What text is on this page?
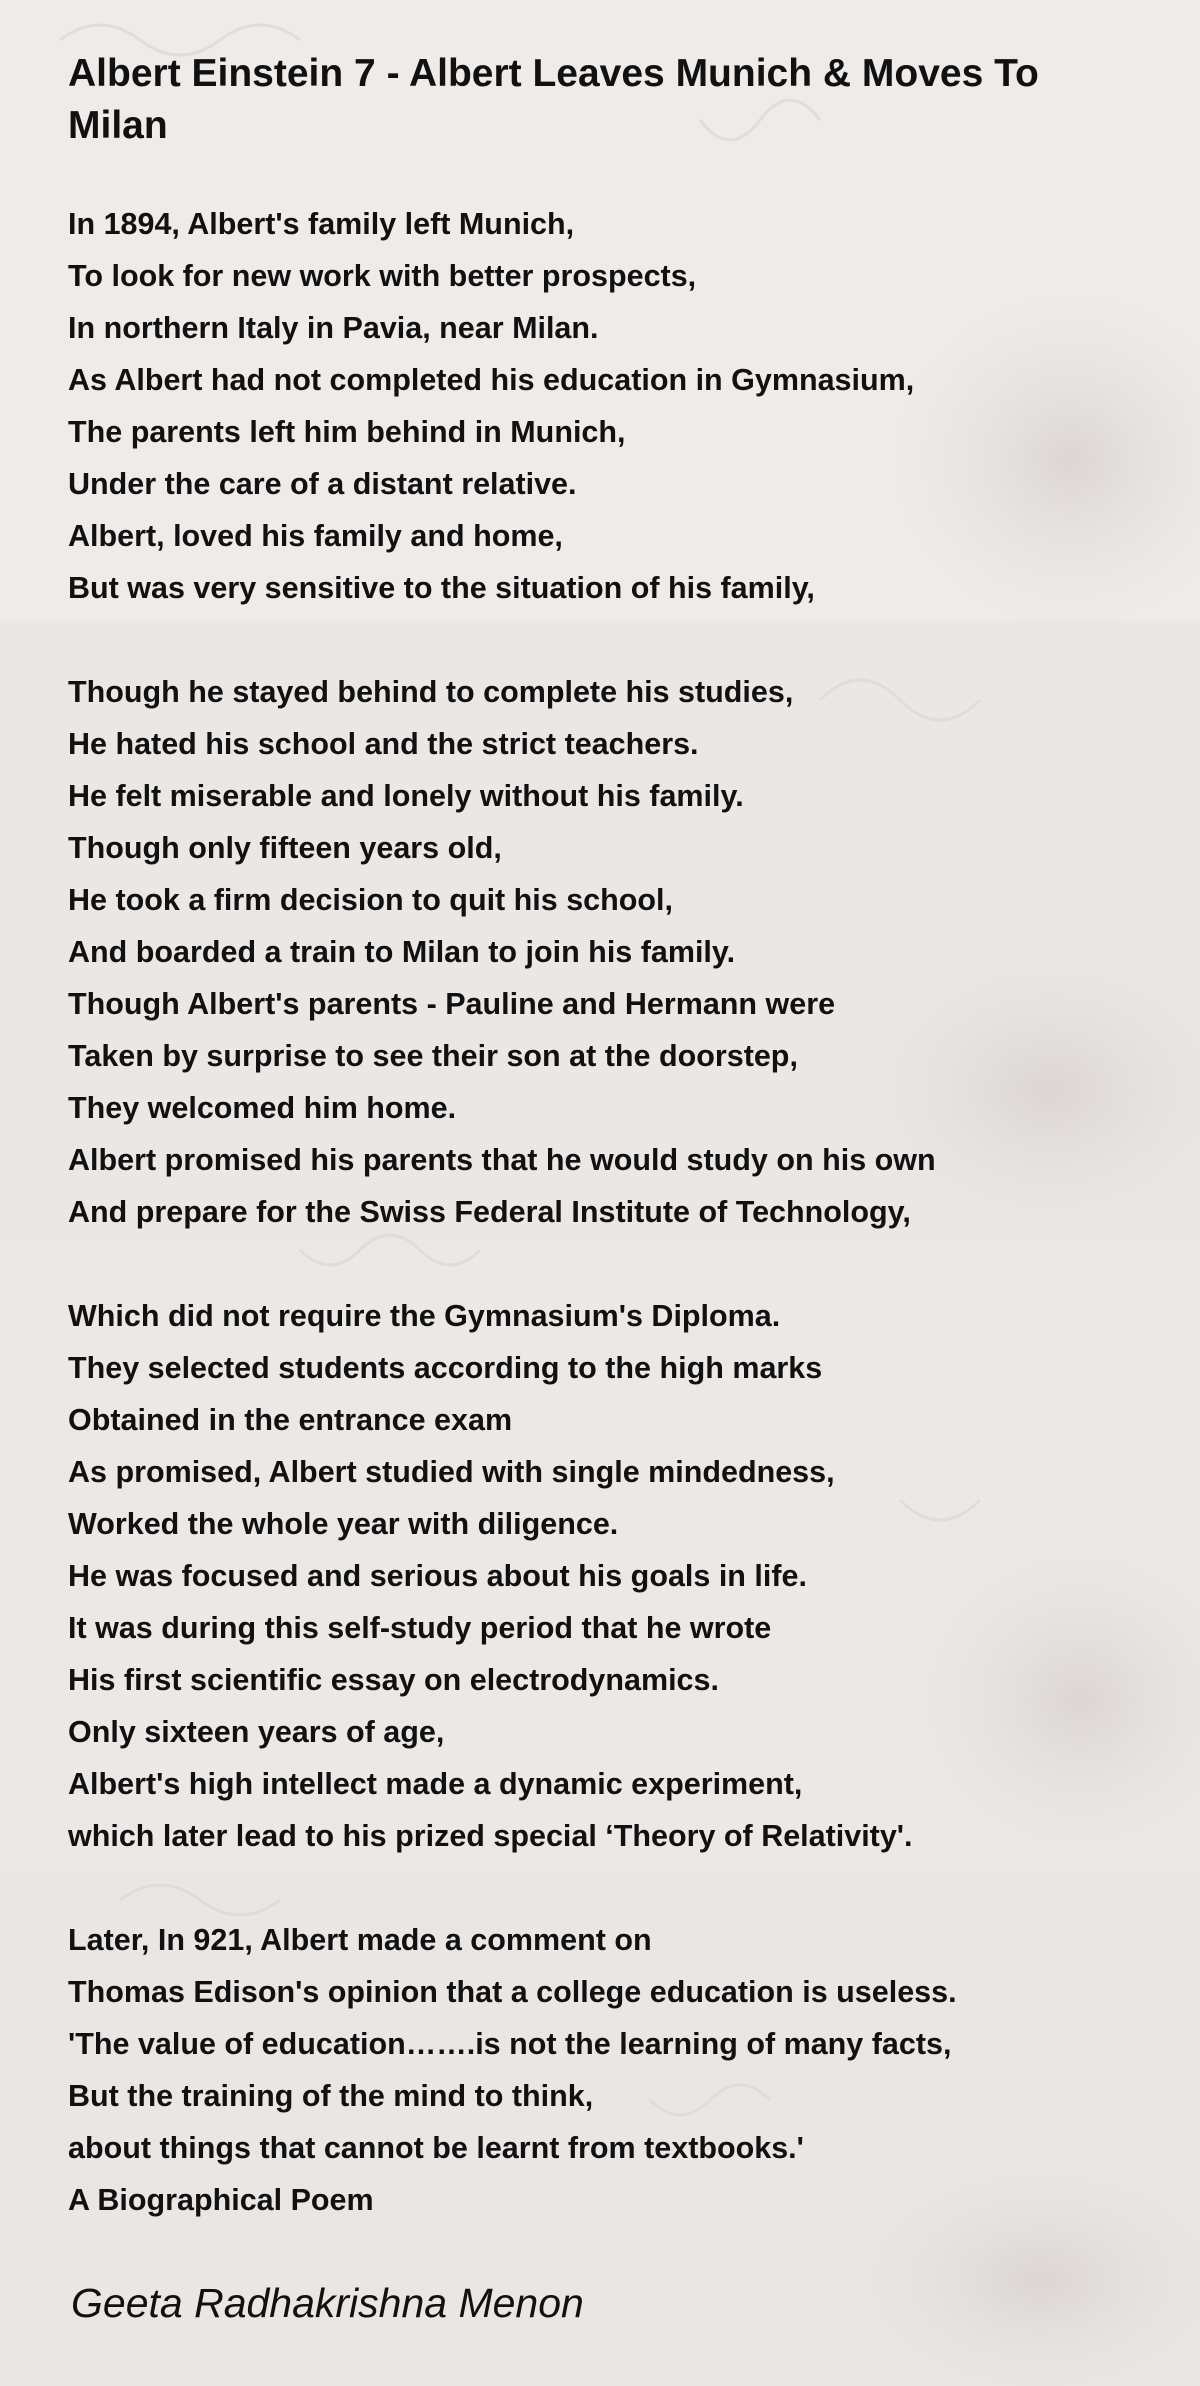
Albert Einstein 7 - Albert Leaves Munich & Moves To Milan
In 1894, Albert's family left Munich,
To look for new work with better prospects,
In northern Italy in Pavia, near Milan.
As Albert had not completed his education in Gymnasium,
The parents left him behind in Munich,
Under the care of a distant relative.
Albert, loved his family and home,
But was very sensitive to the situation of his family,
Though he stayed behind to complete his studies,
He hated his school and the strict teachers.
He felt miserable and lonely without his family.
Though only fifteen years old,
He took a firm decision to quit his school,
And boarded a train to Milan to join his family.
Though Albert's parents - Pauline and Hermann were
Taken by surprise to see their son at the doorstep,
They welcomed him home.
Albert promised his parents that he would study on his own
And prepare for the Swiss Federal Institute of Technology,
Which did not require the Gymnasium's Diploma.
They selected students according to the high marks
Obtained in the entrance exam
As promised, Albert studied with single mindedness,
Worked the whole year with diligence.
He was focused and serious about his goals in life.
It was during this self-study period that he wrote
His first scientific essay on electrodynamics.
Only sixteen years of age,
Albert's high intellect made a dynamic experiment,
which later lead to his prized special ‘Theory of Relativity'.
Later, In 921, Albert made a comment on
Thomas Edison's opinion that a college education is useless.
'The value of education…….is not the learning of many facts,
But the training of the mind to think,
about things that cannot be learnt from textbooks.'
A Biographical Poem
Geeta Radhakrishna Menon
